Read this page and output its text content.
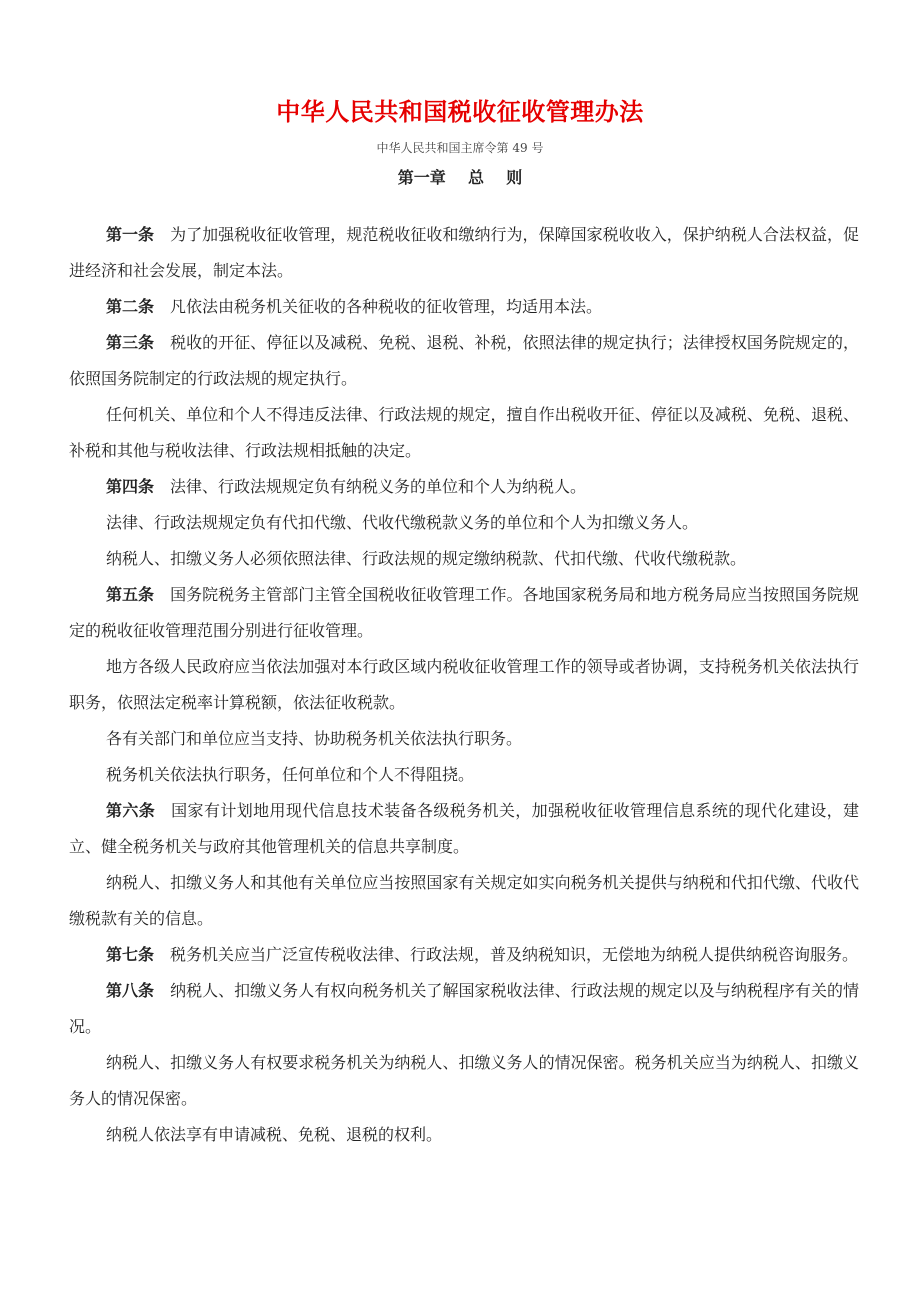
中华人民共和国税收征收管理办法
中华人民共和国主席令第 49 号
第一章    总    则

第一条 为了加强税收征收管理，规范税收征收和缴纳行为，保障国家税收收入，保护纳税人合法权益，促进经济和社会发展，制定本法。

第二条 凡依法由税务机关征收的各种税收的征收管理，均适用本法。

第三条 税收的开征、停征以及减税、免税、退税、补税，依照法律的规定执行；法律授权国务院规定的，依照国务院制定的行政法规的规定执行。

任何机关、单位和个人不得违反法律、行政法规的规定，擅自作出税收开征、停征以及减税、免税、退税、补税和其他与税收法律、行政法规相抵触的决定。

第四条 法律、行政法规规定负有纳税义务的单位和个人为纳税人。

法律、行政法规规定负有代扣代缴、代收代缴税款义务的单位和个人为扣缴义务人。

纳税人、扣缴义务人必须依照法律、行政法规的规定缴纳税款、代扣代缴、代收代缴税款。

第五条 国务院税务主管部门主管全国税收征收管理工作。各地国家税务局和地方税务局应当按照国务院规定的税收征收管理范围分别进行征收管理。

地方各级人民政府应当依法加强对本行政区域内税收征收管理工作的领导或者协调，支持税务机关依法执行职务，依照法定税率计算税额，依法征收税款。

各有关部门和单位应当支持、协助税务机关依法执行职务。

税务机关依法执行职务，任何单位和个人不得阻挠。

第六条 国家有计划地用现代信息技术装备各级税务机关，加强税收征收管理信息系统的现代化建设，建立、健全税务机关与政府其他管理机关的信息共享制度。

纳税人、扣缴义务人和其他有关单位应当按照国家有关规定如实向税务机关提供与纳税和代扣代缴、代收代缴税款有关的信息。

第七条 税务机关应当广泛宣传税收法律、行政法规，普及纳税知识，无偿地为纳税人提供纳税咨询服务。

第八条 纳税人、扣缴义务人有权向税务机关了解国家税收法律、行政法规的规定以及与纳税程序有关的情况。

纳税人、扣缴义务人有权要求税务机关为纳税人、扣缴义务人的情况保密。税务机关应当为纳税人、扣缴义务人的情况保密。

纳税人依法享有申请减税、免税、退税的权利。
